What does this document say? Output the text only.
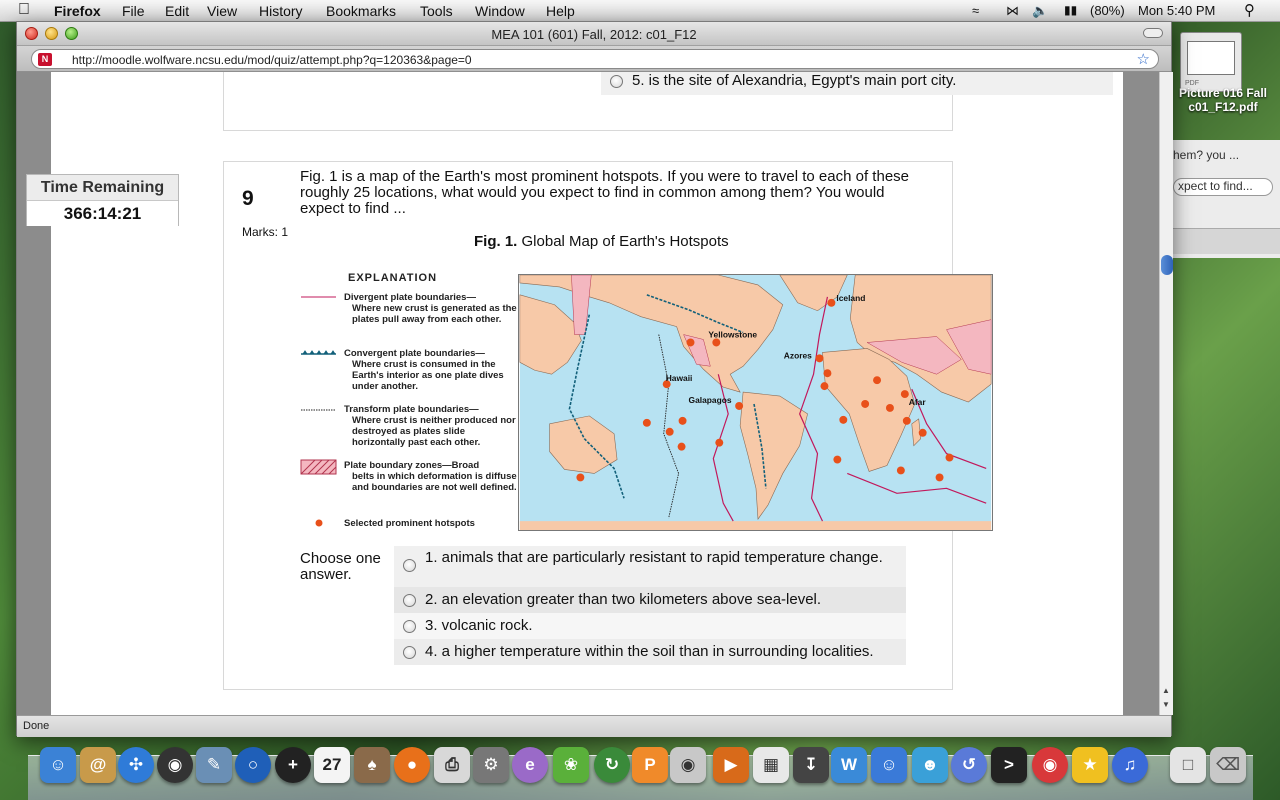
Firefox File Edit View History Bookmarks Tools Window Help	≈ ⋈ 🔈 ▮▮ (80%) Mon 5:40 PM ⚲
PDF
Picture 016 Fall
c01_F12.pdf
hem? you ...
xpect to find...
MEA 101 (601) Fall, 2012: c01_F12
N	http://moodle.wolfware.ncsu.edu/mod/quiz/attempt.php?q=120363&page=0	☆
Time Remaining
366:14:21
5. is the site of Alexandria, Egypt's main port city.
9
Marks: 1
Fig. 1 is a map of the Earth's most prominent hotspots. If you were to travel to each of these roughly 25 locations, what would you expect to find in common among them? You would expect to find ...
Fig. 1. Global Map of Earth's Hotspots
EXPLANATION
Divergent plate boundaries—
Where new crust is generated as the plates pull away from each other.
Convergent plate boundaries—
Where crust is consumed in the Earth's interior as one plate dives under another.
Transform plate boundaries—
Where crust is neither produced nor destroyed as plates slide horizontally past each other.
Plate boundary zones—Broad
belts in which deformation is diffuse and boundaries are not well defined.
Selected prominent hotspots
Iceland
Yellowstone
Azores
Hawaii
Galapagos	Afar
Choose one answer.
1. animals that are particularly resistant to rapid temperature change.
2. an elevation greater than two kilometers above sea-level.
3. volcanic rock.
4. a higher temperature within the soil than in surrounding localities.
▲
▼
Done
☺	@	✣	◉	✎	○	+	27	♠	●	⎙	⚙	e	❀	↻	P	◉	▶	▦	↧	W	☺	☻	↺	>	◉	★	♫	□	⌫
